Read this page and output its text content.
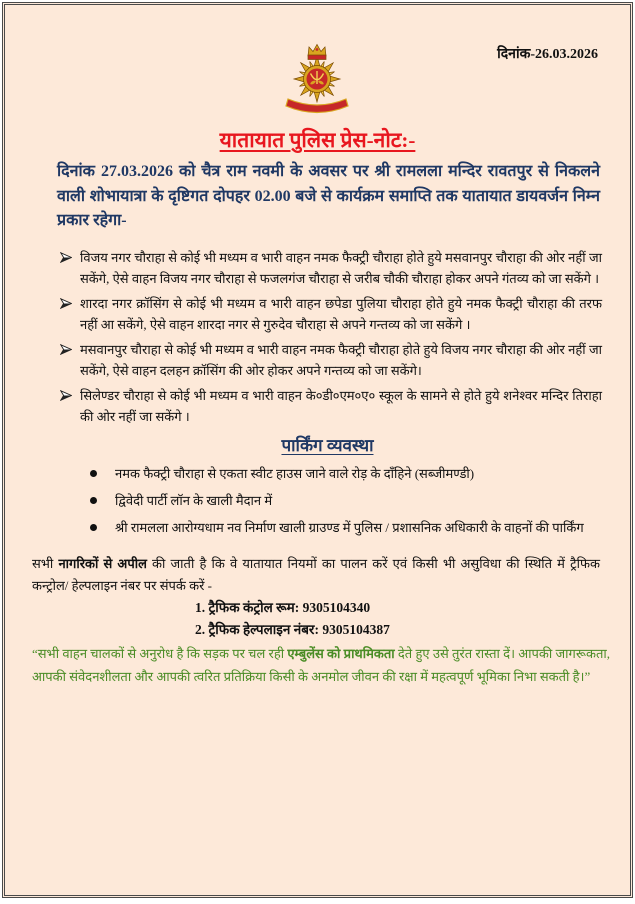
दिनांक-26.03.2026
यातायात पुलिस प्रेस-नोट:-

दिनांक 27.03.2026 को चैत्र राम नवमी के अवसर पर श्री रामलला मन्दिर रावतपुर से निकलने वाली शोभायात्रा के दृष्टिगत दोपहर 02.00 बजे से कार्यक्रम समाप्ति तक यातायात डायवर्जन निम्न प्रकार रहेगा-

विजय नगर चौराहा से कोई भी मध्यम व भारी वाहन नमक फैक्ट्री चौराहा होते हुये मसवानपुर चौराहा की ओर नहीं जा सकेंगे, ऐसे वाहन विजय नगर चौराहा से फजलगंज चौराहा से जरीब चौकी चौराहा होकर अपने गंतव्य को जा सकेंगे ।
शारदा नगर क्रॉसिंग से कोई भी मध्यम व भारी वाहन छपेडा पुलिया चौराहा होते हुये नमक फैक्ट्री चौराहा की तरफ नहीं आ सकेंगे, ऐसे वाहन शारदा नगर से गुरुदेव चौराहा से अपने गन्तव्य को जा सकेंगे ।
मसवानपुर चौराहा से कोई भी मध्यम व भारी वाहन नमक फैक्ट्री चौराहा होते हुये विजय नगर चौराहा की ओर नहीं जा सकेंगे, ऐसे वाहन दलहन क्रॉसिंग की ओर होकर अपने गन्तव्य को जा सकेंगे।
सिलेण्डर चौराहा से कोई भी मध्यम व भारी वाहन के०डी०एम०ए० स्कूल के सामने से होते हुये शनेश्वर मन्दिर तिराहा की ओर नहीं जा सकेंगे ।
पार्किंग व्यवस्था
नमक फैक्ट्री चौराहा से एकता स्वीट हाउस जाने वाले रोड़ के दाँहिने (सब्जीमण्डी)
द्विवेदी पार्टी लॉन के खाली मैदान में
श्री रामलला आरोग्यधाम नव निर्माण खाली ग्राउण्ड में पुलिस / प्रशासनिक अधिकारी के वाहनों की पार्किंग

सभी नागरिकों से अपील की जाती है कि वे यातायात नियमों का पालन करें एवं किसी भी असुविधा की स्थिति में ट्रैफिक कन्ट्रोल/ हेल्पलाइन नंबर पर संपर्क करें -

1. ट्रैफिक कंट्रोल रूम: 9305104340
2. ट्रैफिक हेल्पलाइन नंबर: 9305104387

“सभी वाहन चालकों से अनुरोध है कि सड़क पर चल रही एम्बुलेंस को प्राथमिकता देते हुए उसे तुरंत रास्ता दें। आपकी जागरूकता, आपकी संवेदनशीलता और आपकी त्वरित प्रतिक्रिया किसी के अनमोल जीवन की रक्षा में महत्वपूर्ण भूमिका निभा सकती है।”
